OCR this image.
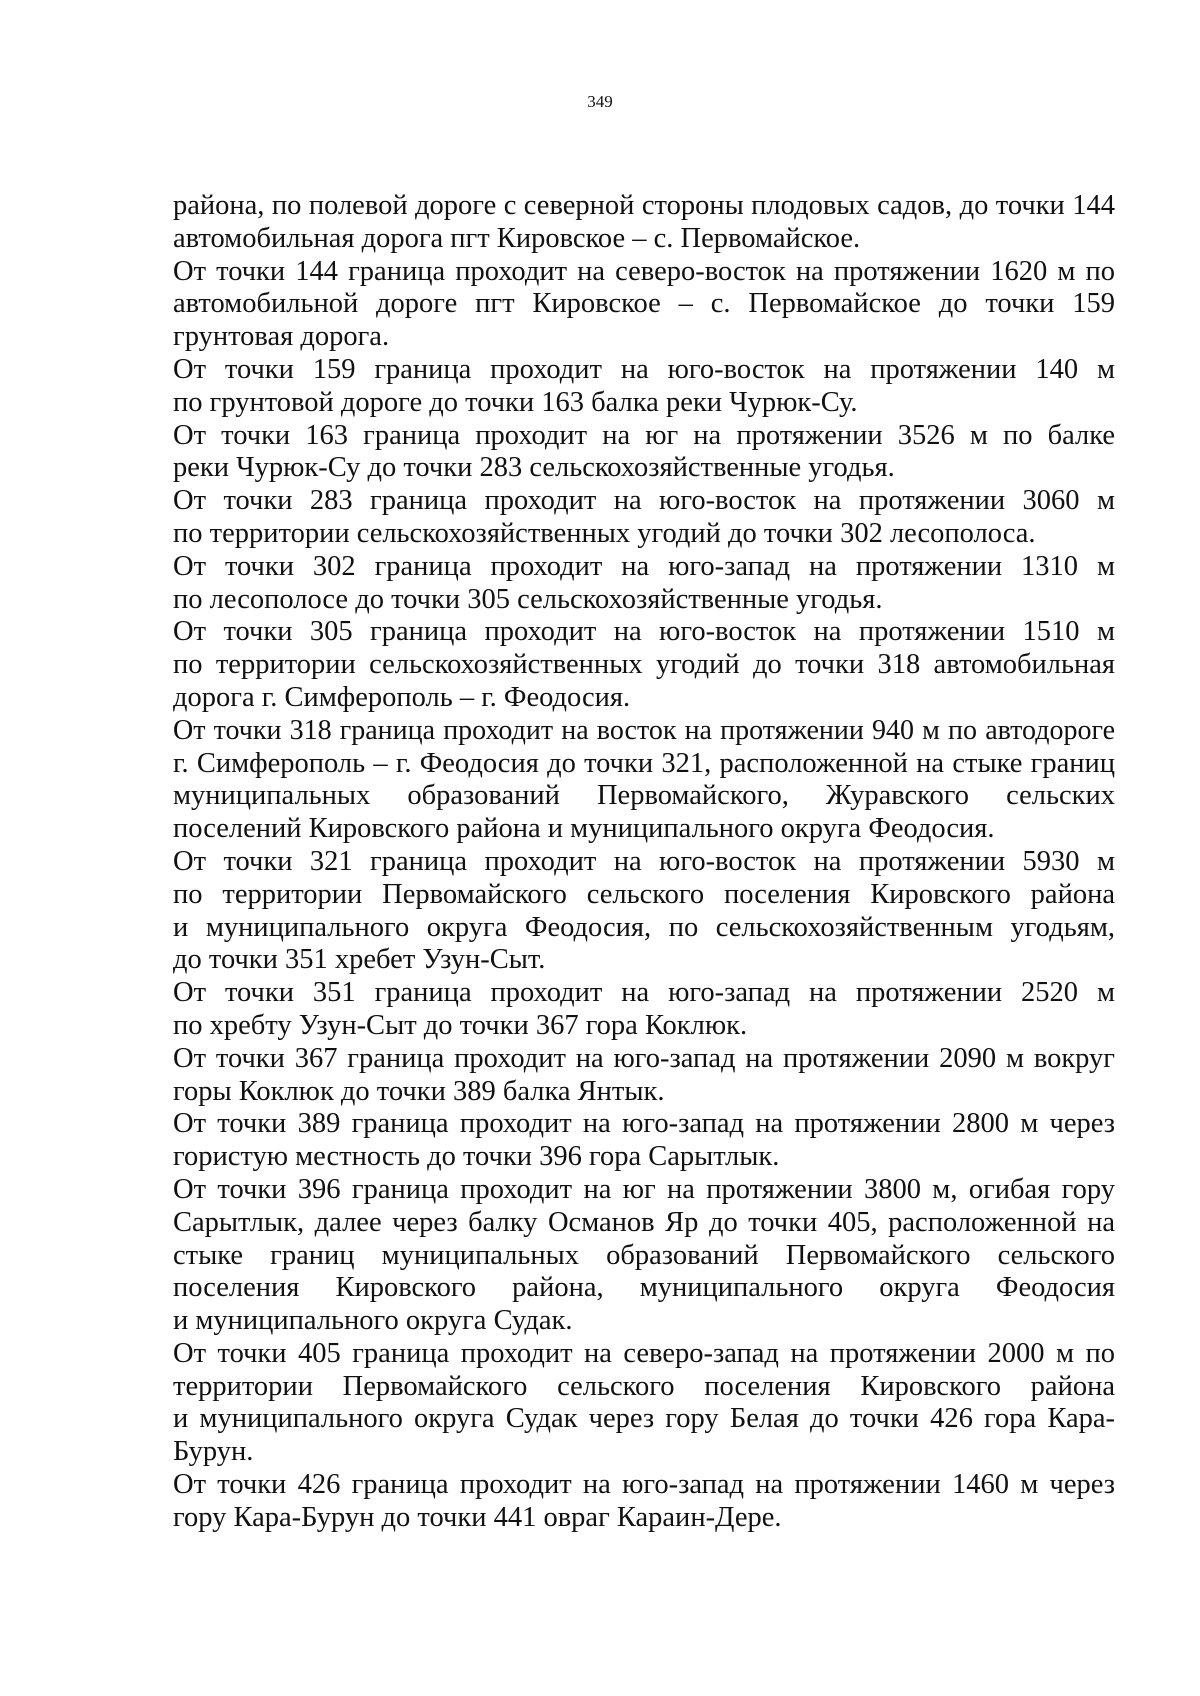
349
района, по полевой дороге с северной стороны плодовых садов, до точки 144
автомобильная дорога пгт Кировское – с. Первомайское.
От точки 144 граница проходит на северо-восток на протяжении 1620 м по
автомобильной дороге пгт Кировское – с. Первомайское до точки 159
грунтовая дорога.
От точки 159 граница проходит на юго-восток на протяжении 140 м
по грунтовой дороге до точки 163 балка реки Чурюк-Су.
От точки 163 граница проходит на юг на протяжении 3526 м по балке
реки Чурюк-Су до точки 283 сельскохозяйственные угодья.
От точки 283 граница проходит на юго-восток на протяжении 3060 м
по территории сельскохозяйственных угодий до точки 302 лесополоса.
От точки 302 граница проходит на юго-запад на протяжении 1310 м
по лесополосе до точки 305 сельскохозяйственные угодья.
От точки 305 граница проходит на юго-восток на протяжении 1510 м
по территории сельскохозяйственных угодий до точки 318 автомобильная
дорога г. Симферополь – г. Феодосия.
От точки 318 граница проходит на восток на протяжении 940 м по автодороге
г. Симферополь – г. Феодосия до точки 321, расположенной на стыке границ
муниципальных образований Первомайского, Журавского сельских
поселений Кировского района и муниципального округа Феодосия.
От точки 321 граница проходит на юго-восток на протяжении 5930 м
по территории Первомайского сельского поселения Кировского района
и муниципального округа Феодосия, по сельскохозяйственным угодьям,
до точки 351 хребет Узун-Сыт.
От точки 351 граница проходит на юго-запад на протяжении 2520 м
по хребту Узун-Сыт до точки 367 гора Коклюк.
От точки 367 граница проходит на юго-запад на протяжении 2090 м вокруг
горы Коклюк до точки 389 балка Янтык.
От точки 389 граница проходит на юго-запад на протяжении 2800 м через
гористую местность до точки 396 гора Сарытлык.
От точки 396 граница проходит на юг на протяжении 3800 м, огибая гору
Сарытлык, далее через балку Османов Яр до точки 405, расположенной на
стыке границ муниципальных образований Первомайского сельского
поселения Кировского района, муниципального округа Феодосия
и муниципального округа Судак.
От точки 405 граница проходит на северо-запад на протяжении 2000 м по
территории Первомайского сельского поселения Кировского района
и муниципального округа Судак через гору Белая до точки 426 гора Кара-
Бурун.
От точки 426 граница проходит на юго-запад на протяжении 1460 м через
гору Кара-Бурун до точки 441 овраг Караин-Дере.
